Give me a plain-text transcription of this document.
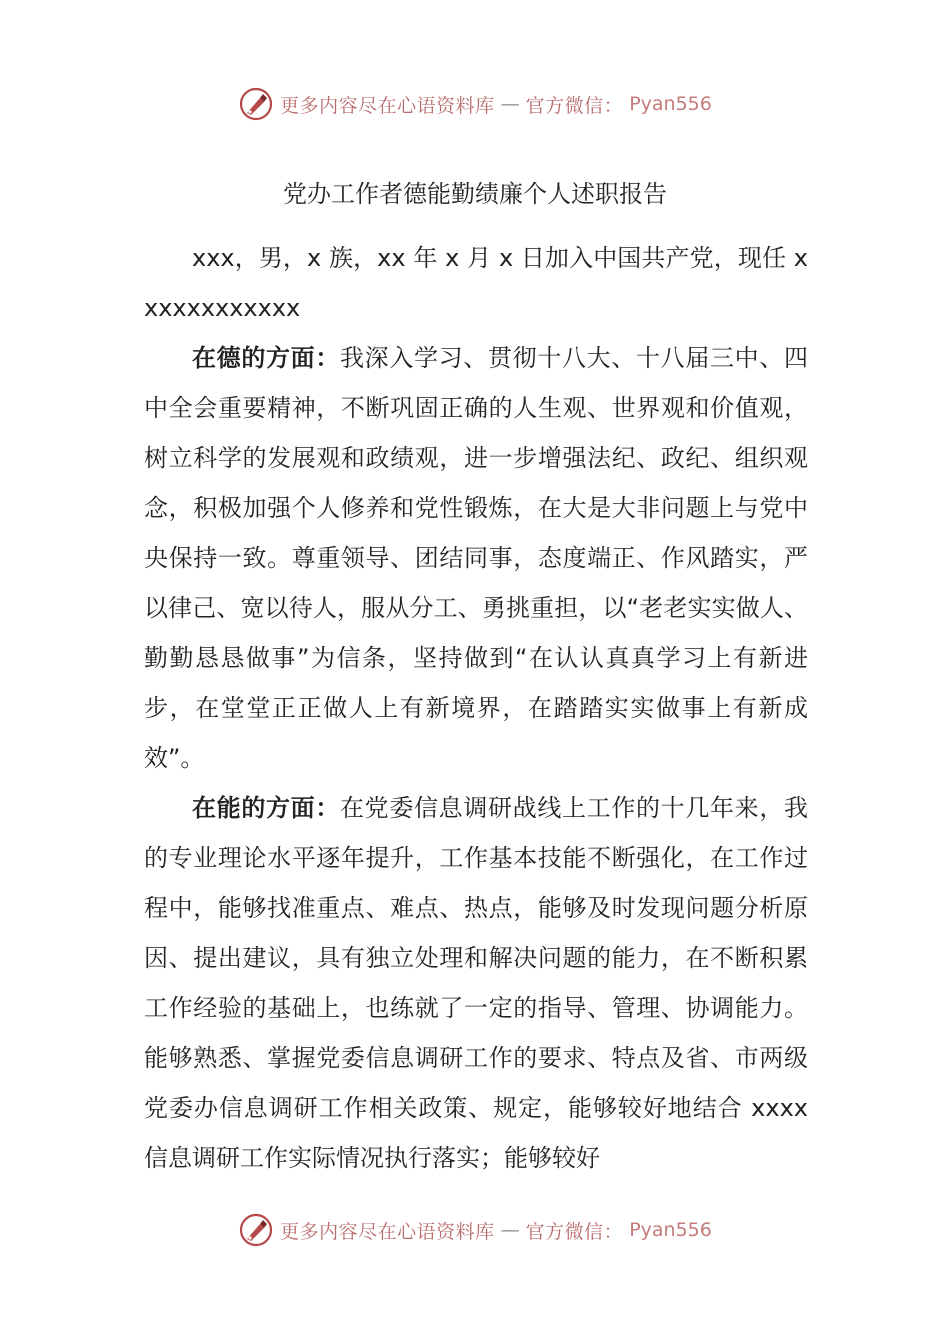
更多内容尽在心语资料库 — 官方微信： Pyan556
党办工作者德能勤绩廉个人述职报告

xxx，男，x 族，xx 年 x 月 x 日加入中国共产党，现任 xxxxxxxxxxxx

在德的方面：我深入学习、贯彻十八大、十八届三中、四中全会重要精神，不断巩固正确的人生观、世界观和价值观，树立科学的发展观和政绩观，进一步增强法纪、政纪、组织观念，积极加强个人修养和党性锻炼，在大是大非问题上与党中央保持一致。尊重领导、团结同事，态度端正、作风踏实，严以律己、宽以待人，服从分工、勇挑重担，以“老老实实做人、勤勤恳恳做事”为信条，坚持做到“在认认真真学习上有新进步，在堂堂正正做人上有新境界，在踏踏实实做事上有新成效”。

在能的方面：在党委信息调研战线上工作的十几年来，我的专业理论水平逐年提升，工作基本技能不断强化，在工作过程中，能够找准重点、难点、热点，能够及时发现问题分析原因、提出建议，具有独立处理和解决问题的能力，在不断积累工作经验的基础上，也练就了一定的指导、管理、协调能力。能够熟悉、掌握党委信息调研工作的要求、特点及省、市两级党委办信息调研工作相关政策、规定，能够较好地结合 xxxx 信息调研工作实际情况执行落实；能够较好

更多内容尽在心语资料库 — 官方微信： Pyan556
